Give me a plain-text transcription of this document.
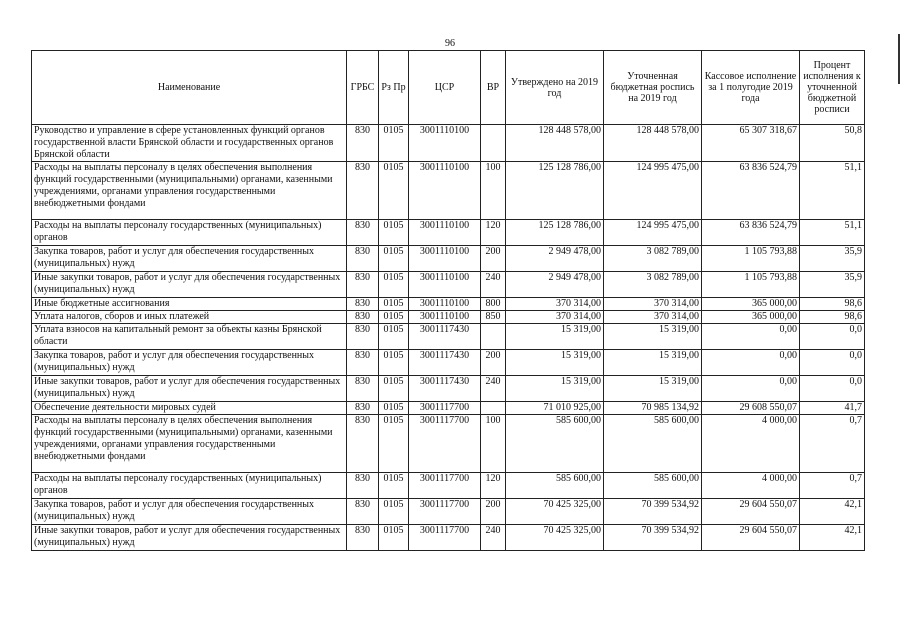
96
Наименование	ГРБС	Рз Пр	ЦСР	ВР	Утверждено на 2019 год	Уточненная бюджетная роспись на 2019 год	Кассовое исполнение за 1 полугодие 2019 года	Процент исполнения к уточненной бюджетной росписи
Руководство и управление в сфере установленных функций органов государственной власти Брянской области и государственных органов Брянской области	830	0105	3001110100		128 448 578,00	128 448 578,00	65 307 318,67	50,8
Расходы на выплаты персоналу в целях обеспечения выполнения функций государственными (муниципальными) органами, казенными учреждениями, органами управления государственными внебюджетными фондами	830	0105	3001110100	100	125 128 786,00	124 995 475,00	63 836 524,79	51,1
Расходы на выплаты персоналу государственных (муниципальных) органов	830	0105	3001110100	120	125 128 786,00	124 995 475,00	63 836 524,79	51,1
Закупка товаров, работ и услуг для обеспечения государственных (муниципальных) нужд	830	0105	3001110100	200	2 949 478,00	3 082 789,00	1 105 793,88	35,9
Иные закупки товаров, работ и услуг для обеспечения государственных (муниципальных) нужд	830	0105	3001110100	240	2 949 478,00	3 082 789,00	1 105 793,88	35,9
Иные бюджетные ассигнования	830	0105	3001110100	800	370 314,00	370 314,00	365 000,00	98,6
Уплата налогов, сборов и иных платежей	830	0105	3001110100	850	370 314,00	370 314,00	365 000,00	98,6
Уплата взносов на капитальный ремонт за объекты казны Брянской области	830	0105	3001117430		15 319,00	15 319,00	0,00	0,0
Закупка товаров, работ и услуг для обеспечения государственных (муниципальных) нужд	830	0105	3001117430	200	15 319,00	15 319,00	0,00	0,0
Иные закупки товаров, работ и услуг для обеспечения государственных (муниципальных) нужд	830	0105	3001117430	240	15 319,00	15 319,00	0,00	0,0
Обеспечение деятельности мировых судей	830	0105	3001117700		71 010 925,00	70 985 134,92	29 608 550,07	41,7
Расходы на выплаты персоналу в целях обеспечения выполнения функций государственными (муниципальными) органами, казенными учреждениями, органами управления государственными внебюджетными фондами	830	0105	3001117700	100	585 600,00	585 600,00	4 000,00	0,7
Расходы на выплаты персоналу государственных (муниципальных) органов	830	0105	3001117700	120	585 600,00	585 600,00	4 000,00	0,7
Закупка товаров, работ и услуг для обеспечения государственных (муниципальных) нужд	830	0105	3001117700	200	70 425 325,00	70 399 534,92	29 604 550,07	42,1
Иные закупки товаров, работ и услуг для обеспечения государственных (муниципальных) нужд	830	0105	3001117700	240	70 425 325,00	70 399 534,92	29 604 550,07	42,1
